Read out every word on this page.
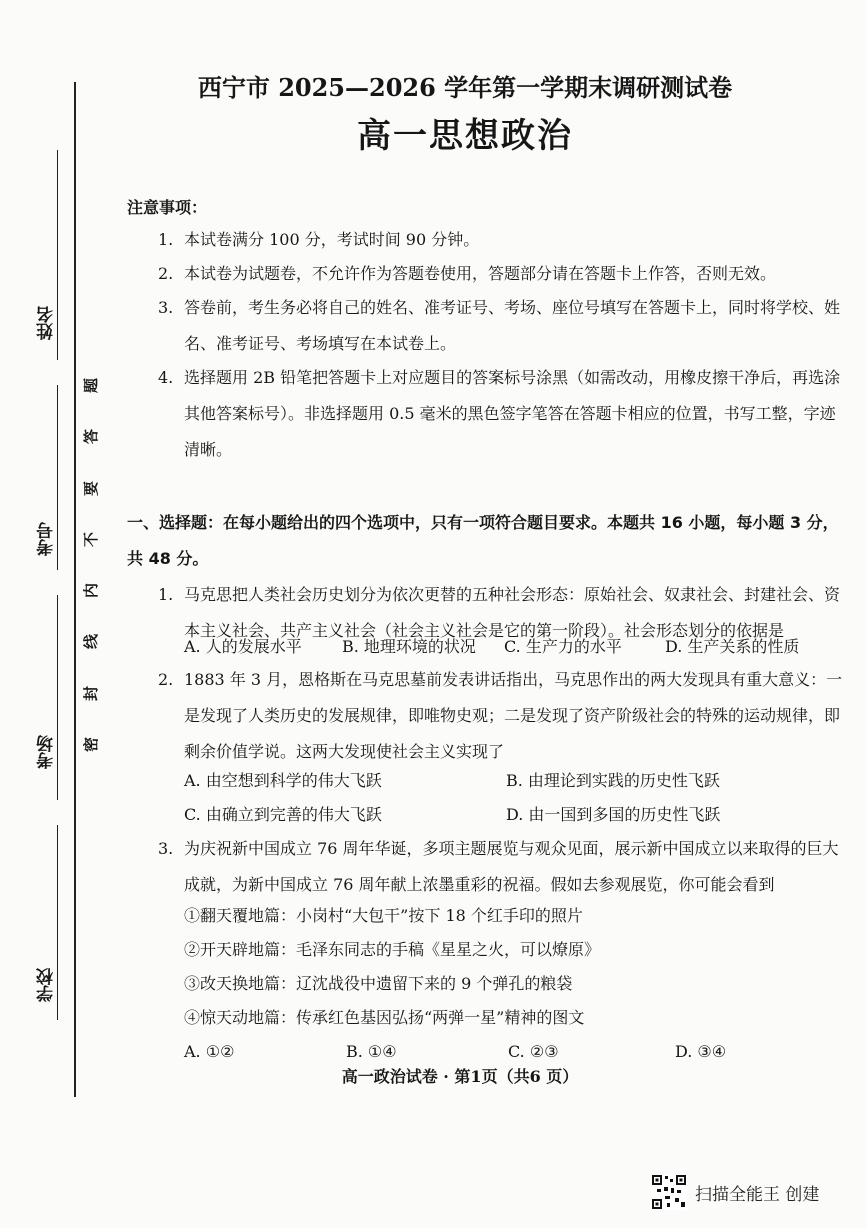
姓名
考号
考场
学校
密
封
线
内
不
要
答
题
西宁市 2025—2026 学年第一学期末调研测试卷
高一思想政治
注意事项：
1. 本试卷满分 100 分，考试时间 90 分钟。
2. 本试卷为试题卷，不允许作为答题卷使用，答题部分请在答题卡上作答，否则无效。
3. 答卷前，考生务必将自己的姓名、准考证号、考场、座位号填写在答题卡上，同时将学校、姓名、准考证号、考场填写在本试卷上。
4. 选择题用 2B 铅笔把答题卡上对应题目的答案标号涂黑（如需改动，用橡皮擦干净后，再选涂其他答案标号）。非选择题用 0.5 毫米的黑色签字笔答在答题卡相应的位置，书写工整，字迹清晰。
一、选择题：在每小题给出的四个选项中，只有一项符合题目要求。本题共 16 小题，每小题 3 分，共 48 分。
1. 马克思把人类社会历史划分为依次更替的五种社会形态：原始社会、奴隶社会、封建社会、资本主义社会、共产主义社会（社会主义社会是它的第一阶段）。社会形态划分的依据是
A. 人的发展水平	B. 地理环境的状况 C. 生产力的水平	D. 生产关系的性质
2. 1883 年 3 月，恩格斯在马克思墓前发表讲话指出，马克思作出的两大发现具有重大意义：一是发现了人类历史的发展规律，即唯物史观；二是发现了资产阶级社会的特殊的运动规律，即剩余价值学说。这两大发现使社会主义实现了
A. 由空想到科学的伟大飞跃	B. 由理论到实践的历史性飞跃
C. 由确立到完善的伟大飞跃	D. 由一国到多国的历史性飞跃
3. 为庆祝新中国成立 76 周年华诞，多项主题展览与观众见面，展示新中国成立以来取得的巨大成就，为新中国成立 76 周年献上浓墨重彩的祝福。假如去参观展览，你可能会看到
①翻天覆地篇：小岗村“大包干”按下 18 个红手印的照片
②开天辟地篇：毛泽东同志的手稿《星星之火，可以燎原》
③改天换地篇：辽沈战役中遗留下来的 9 个弹孔的粮袋
④惊天动地篇：传承红色基因弘扬“两弹一星”精神的图文
A. ①②	B. ①④	C. ②③	D. ③④
高一政治试卷 · 第1页（共6 页）
扫描全能王 创建
